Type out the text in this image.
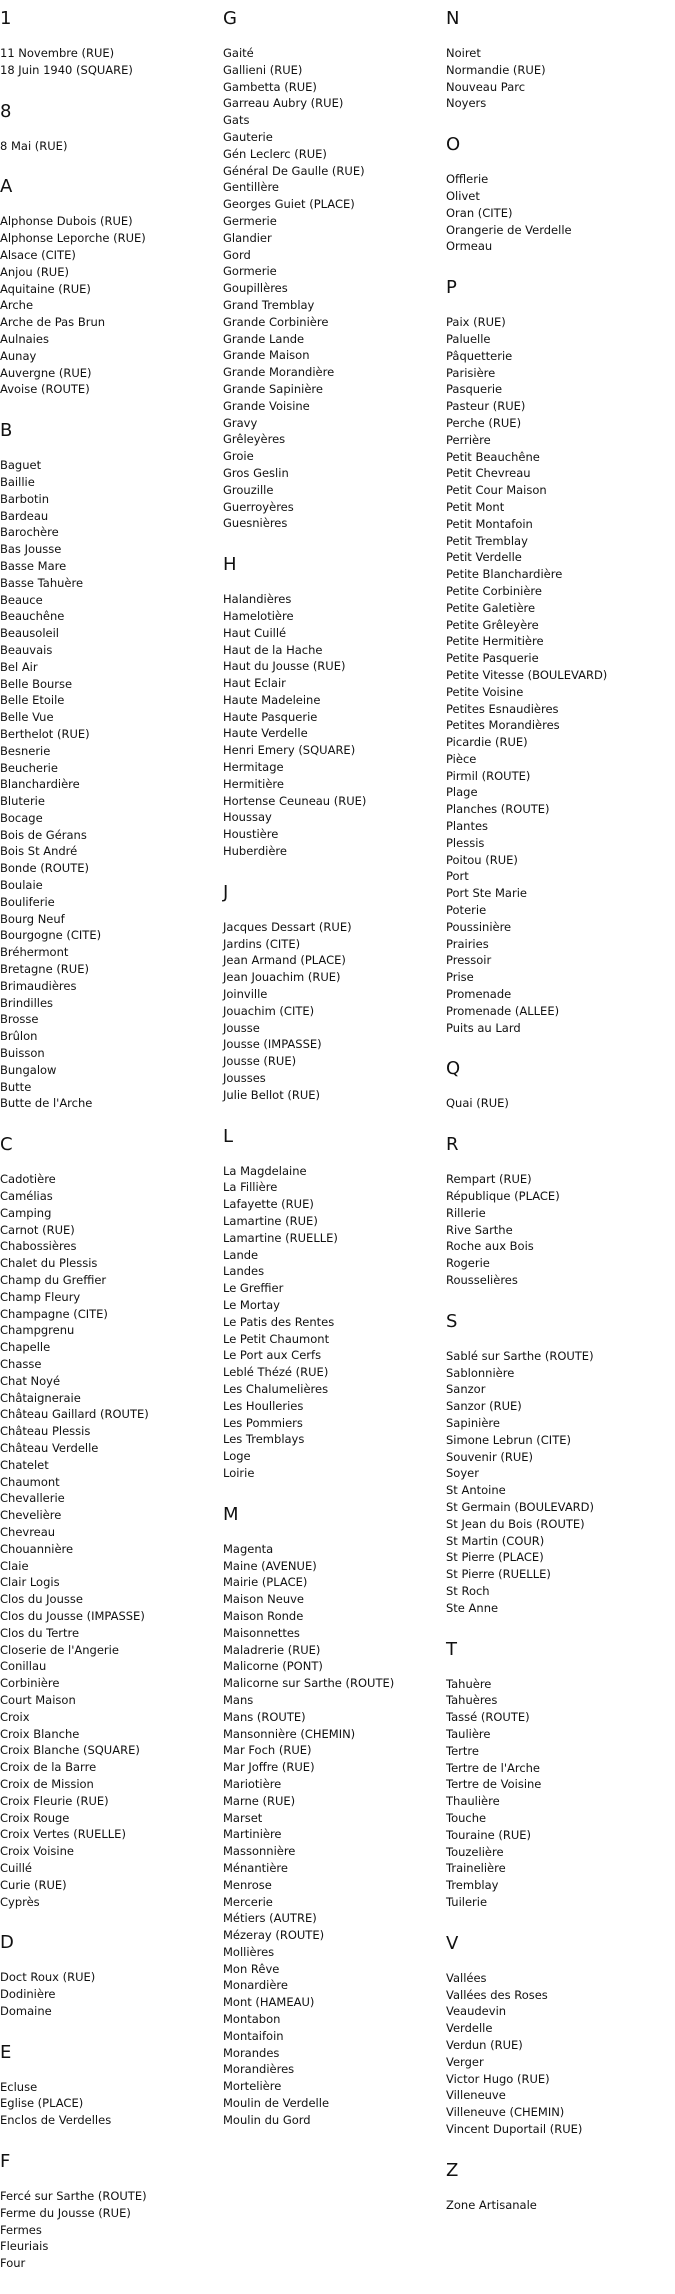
1
11 Novembre (RUE)
18 Juin 1940 (SQUARE)
8
8 Mai (RUE)
A
Alphonse Dubois (RUE)
Alphonse Leporche (RUE)
Alsace (CITE)
Anjou (RUE)
Aquitaine (RUE)
Arche
Arche de Pas Brun
Aulnaies
Aunay
Auvergne (RUE)
Avoise (ROUTE)
B
Baguet
Baillie
Barbotin
Bardeau
Barochère
Bas Jousse
Basse Mare
Basse Tahuère
Beauce
Beauchêne
Beausoleil
Beauvais
Bel Air
Belle Bourse
Belle Etoile
Belle Vue
Berthelot (RUE)
Besnerie
Beucherie
Blanchardière
Bluterie
Bocage
Bois de Gérans
Bois St André
Bonde (ROUTE)
Boulaie
Bouliferie
Bourg Neuf
Bourgogne (CITE)
Bréhermont
Bretagne (RUE)
Brimaudières
Brindilles
Brosse
Brûlon
Buisson
Bungalow
Butte
Butte de l'Arche
C
Cadotière
Camélias
Camping
Carnot (RUE)
Chabossières
Chalet du Plessis
Champ du Greffier
Champ Fleury
Champagne (CITE)
Champgrenu
Chapelle
Chasse
Chat Noyé
Châtaigneraie
Château Gaillard (ROUTE)
Château Plessis
Château Verdelle
Chatelet
Chaumont
Chevallerie
Chevelière
Chevreau
Chouannière
Claie
Clair Logis
Clos du Jousse
Clos du Jousse (IMPASSE)
Clos du Tertre
Closerie de l'Angerie
Conillau
Corbinière
Court Maison
Croix
Croix Blanche
Croix Blanche (SQUARE)
Croix de la Barre
Croix de Mission
Croix Fleurie (RUE)
Croix Rouge
Croix Vertes (RUELLE)
Croix Voisine
Cuillé
Curie (RUE)
Cyprès
D
Doct Roux (RUE)
Dodinière
Domaine
E
Ecluse
Eglise (PLACE)
Enclos de Verdelles
F
Fercé sur Sarthe (ROUTE)
Ferme du Jousse (RUE)
Fermes
Fleuriais
Four
G
Gaité
Gallieni (RUE)
Gambetta (RUE)
Garreau Aubry (RUE)
Gats
Gauterie
Gén Leclerc (RUE)
Général De Gaulle (RUE)
Gentillère
Georges Guiet (PLACE)
Germerie
Glandier
Gord
Gormerie
Goupillères
Grand Tremblay
Grande Corbinière
Grande Lande
Grande Maison
Grande Morandière
Grande Sapinière
Grande Voisine
Gravy
Grêleyères
Groie
Gros Geslin
Grouzille
Guerroyères
Guesnières
H
Halandières
Hamelotière
Haut Cuillé
Haut de la Hache
Haut du Jousse (RUE)
Haut Eclair
Haute Madeleine
Haute Pasquerie
Haute Verdelle
Henri Emery (SQUARE)
Hermitage
Hermitière
Hortense Ceuneau (RUE)
Houssay
Houstière
Huberdière
J
Jacques Dessart (RUE)
Jardins (CITE)
Jean Armand (PLACE)
Jean Jouachim (RUE)
Joinville
Jouachim (CITE)
Jousse
Jousse (IMPASSE)
Jousse (RUE)
Jousses
Julie Bellot (RUE)
L
La Magdelaine
La Fillière
Lafayette (RUE)
Lamartine (RUE)
Lamartine (RUELLE)
Lande
Landes
Le Greffier
Le Mortay
Le Patis des Rentes
Le Petit Chaumont
Le Port aux Cerfs
Leblé Thézé (RUE)
Les Chalumelières
Les Houlleries
Les Pommiers
Les Tremblays
Loge
Loirie
M
Magenta
Maine (AVENUE)
Mairie (PLACE)
Maison Neuve
Maison Ronde
Maisonnettes
Maladrerie (RUE)
Malicorne (PONT)
Malicorne sur Sarthe (ROUTE)
Mans
Mans (ROUTE)
Mansonnière (CHEMIN)
Mar Foch (RUE)
Mar Joffre (RUE)
Mariotière
Marne (RUE)
Marset
Martinière
Massonnière
Ménantière
Menrose
Mercerie
Métiers (AUTRE)
Mézeray (ROUTE)
Mollières
Mon Rêve
Monardière
Mont (HAMEAU)
Montabon
Montaifoin
Morandes
Morandières
Mortelière
Moulin de Verdelle
Moulin du Gord
N
Noiret
Normandie (RUE)
Nouveau Parc
Noyers
O
Offlerie
Olivet
Oran (CITE)
Orangerie de Verdelle
Ormeau
P
Paix (RUE)
Paluelle
Pâquetterie
Parisière
Pasquerie
Pasteur (RUE)
Perche (RUE)
Perrière
Petit Beauchêne
Petit Chevreau
Petit Cour Maison
Petit Mont
Petit Montafoin
Petit Tremblay
Petit Verdelle
Petite Blanchardière
Petite Corbinière
Petite Galetière
Petite Grêleyère
Petite Hermitière
Petite Pasquerie
Petite Vitesse (BOULEVARD)
Petite Voisine
Petites Esnaudières
Petites Morandières
Picardie (RUE)
Pièce
Pirmil (ROUTE)
Plage
Planches (ROUTE)
Plantes
Plessis
Poitou (RUE)
Port
Port Ste Marie
Poterie
Poussinière
Prairies
Pressoir
Prise
Promenade
Promenade (ALLEE)
Puits au Lard
Q
Quai (RUE)
R
Rempart (RUE)
République (PLACE)
Rillerie
Rive Sarthe
Roche aux Bois
Rogerie
Rousselières
S
Sablé sur Sarthe (ROUTE)
Sablonnière
Sanzor
Sanzor (RUE)
Sapinière
Simone Lebrun (CITE)
Souvenir (RUE)
Soyer
St Antoine
St Germain (BOULEVARD)
St Jean du Bois (ROUTE)
St Martin (COUR)
St Pierre (PLACE)
St Pierre (RUELLE)
St Roch
Ste Anne
T
Tahuère
Tahuères
Tassé (ROUTE)
Taulière
Tertre
Tertre de l'Arche
Tertre de Voisine
Thaulière
Touche
Touraine (RUE)
Touzelière
Trainelière
Tremblay
Tuilerie
V
Vallées
Vallées des Roses
Veaudevin
Verdelle
Verdun (RUE)
Verger
Victor Hugo (RUE)
Villeneuve
Villeneuve (CHEMIN)
Vincent Duportail (RUE)
Z
Zone Artisanale
